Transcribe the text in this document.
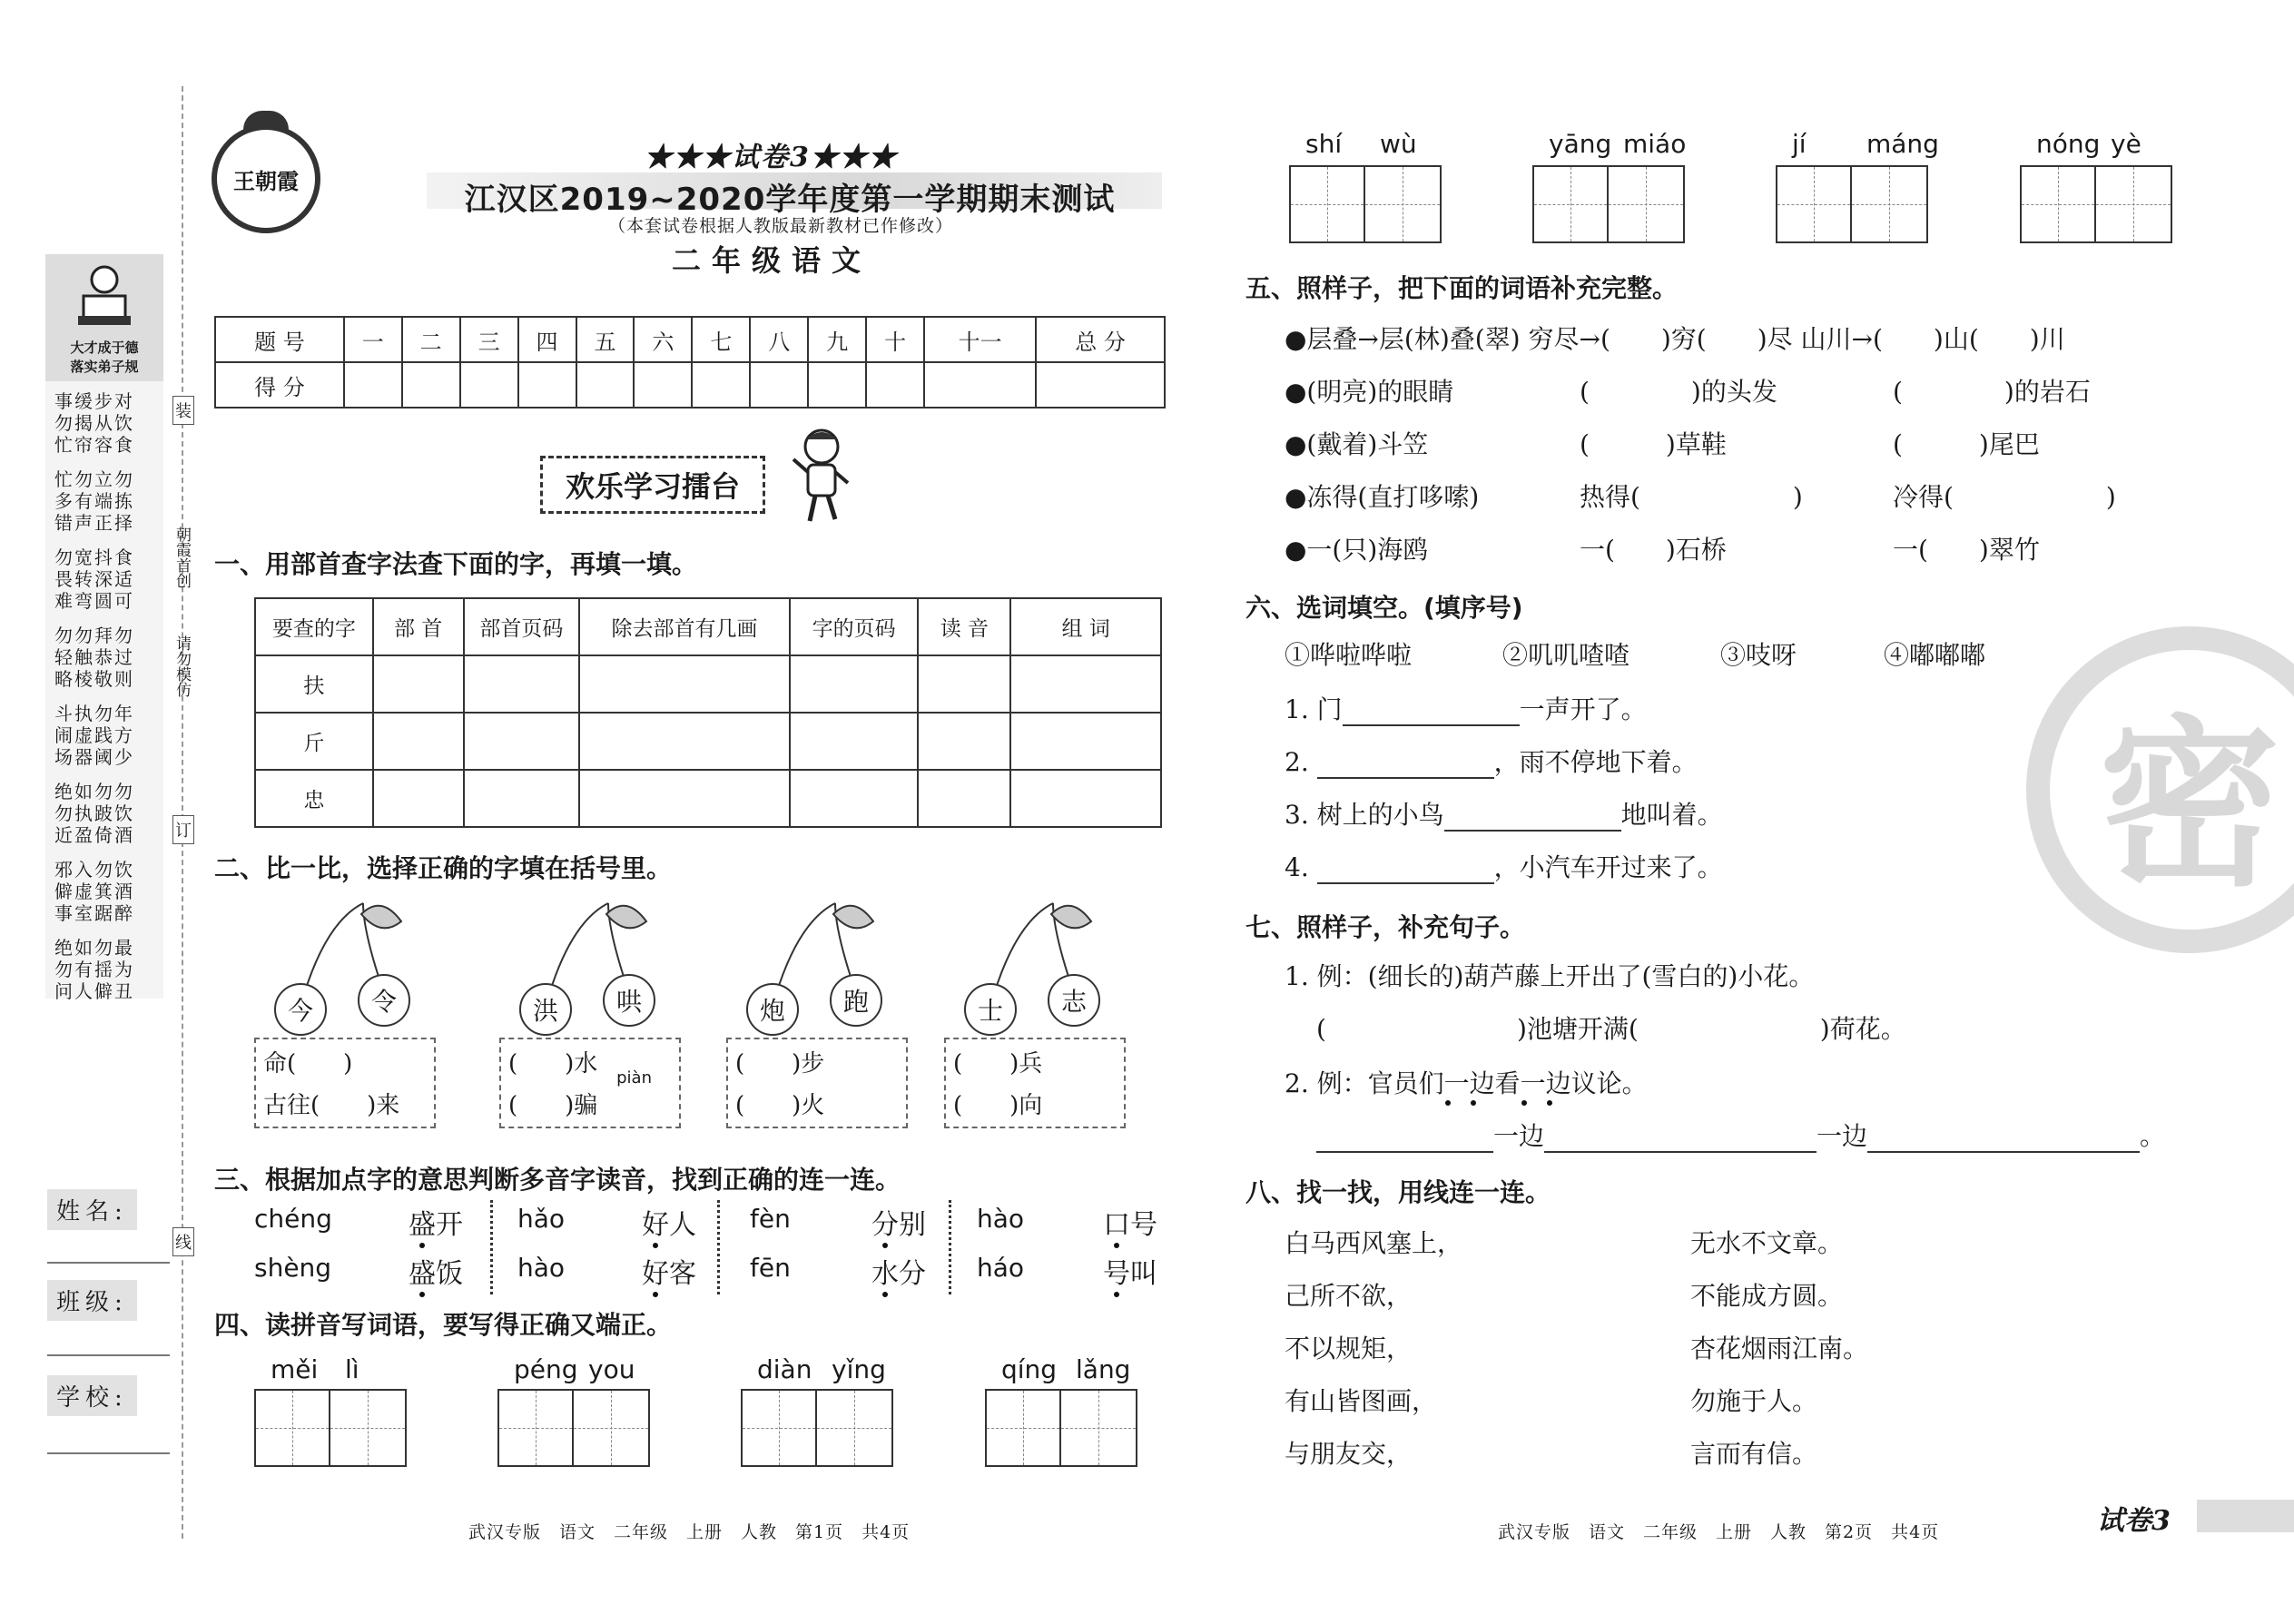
大才成于德
落实弟子规
事缓步对
勿揭从饮
忙帘容食
忙勿立勿
多有端拣
错声正择
勿宽抖食
畏转深适
难弯圆可
勿勿拜勿
轻触恭过
略棱敬则
斗执勿年
闹虚践方
场器阈少
绝如勿勿
勿执跛饮
近盈倚酒
邪入勿饮
僻虚箕酒
事室踞醉
绝如勿最
勿有揺为
问人僻丑
装
朝霞首创
请勿模仿
订
线
姓名:
班级:
学校:
王朝霞
★★★试卷3★★★
江汉区2019~2020学年度第一学期期末测试
（本套试卷根据人教版最新教材已作修改）
二年级语文
题 号	一	二	三	四	五	六	七	八	九	十	十一	总 分
得 分												
欢乐学习擂台
一、用部首查字法查下面的字，再填一填。
要查的字	部 首	部首页码	除去部首有几画	字的页码	读 音	组 词
扶						
斤						
忠						
二、比一比，选择正确的字填在括号里。
今	令
命(　　)
古往(　　)来
洪	哄
(　　)水
piàn
(　　)骗
炮	跑
(　　)步
(　　)火
士	志
(　　)兵
(　　)向
三、根据加点字的意思判断多音字读音，找到正确的连一连。
chéng	盛开 hǎo	好人 fèn	分别 hào	口号
shèng	盛饭 hào	好客 fēn	水分 háo	号叫
四、读拼音写词语，要写得正确又端正。
měi lì	péng you	diàn yǐng	qíng lǎng
shí wù	yāng miáo	jí máng	nóng yè
五、照样子，把下面的词语补充完整。
●层叠→层(林)叠(翠) 穷尽→(　　)穷(　　)尽 山川→(　　)山(　　)川
●(明亮)的眼睛	(　　　　)的头发	(　　　　)的岩石
●(戴着)斗笠	(　　　)草鞋	(　　　)尾巴
●冻得(直打哆嗦)	热得(　　　　　　)	冷得(　　　　　　)
●一(只)海鸥	一(　　)石桥	一(　　)翠竹
六、选词填空。(填序号)
①哗啦哗啦	②叽叽喳喳	③吱呀	④嘟嘟嘟
1. 门	一声开了。
2.	，雨不停地下着。
3. 树上的小鸟	地叫着。
4.	，小汽车开过来了。
七、照样子，补充句子。
1. 例：(细长的)葫芦藤上开出了(雪白的)小花。
(	)池塘开满(	)荷花。
2. 例：官员们一边看一边议论。
一边	一边	。
八、找一找，用线连一连。
白马西风塞上，
己所不欲，
不以规矩，
有山皆图画，
与朋友交，
无水不文章。
不能成方圆。
杏花烟雨江南。
勿施于人。
言而有信。
密
武汉专版　语文　二年级　上册　人教　第1页　共4页	武汉专版　语文　二年级　上册　人教　第2页　共4页	试卷3
